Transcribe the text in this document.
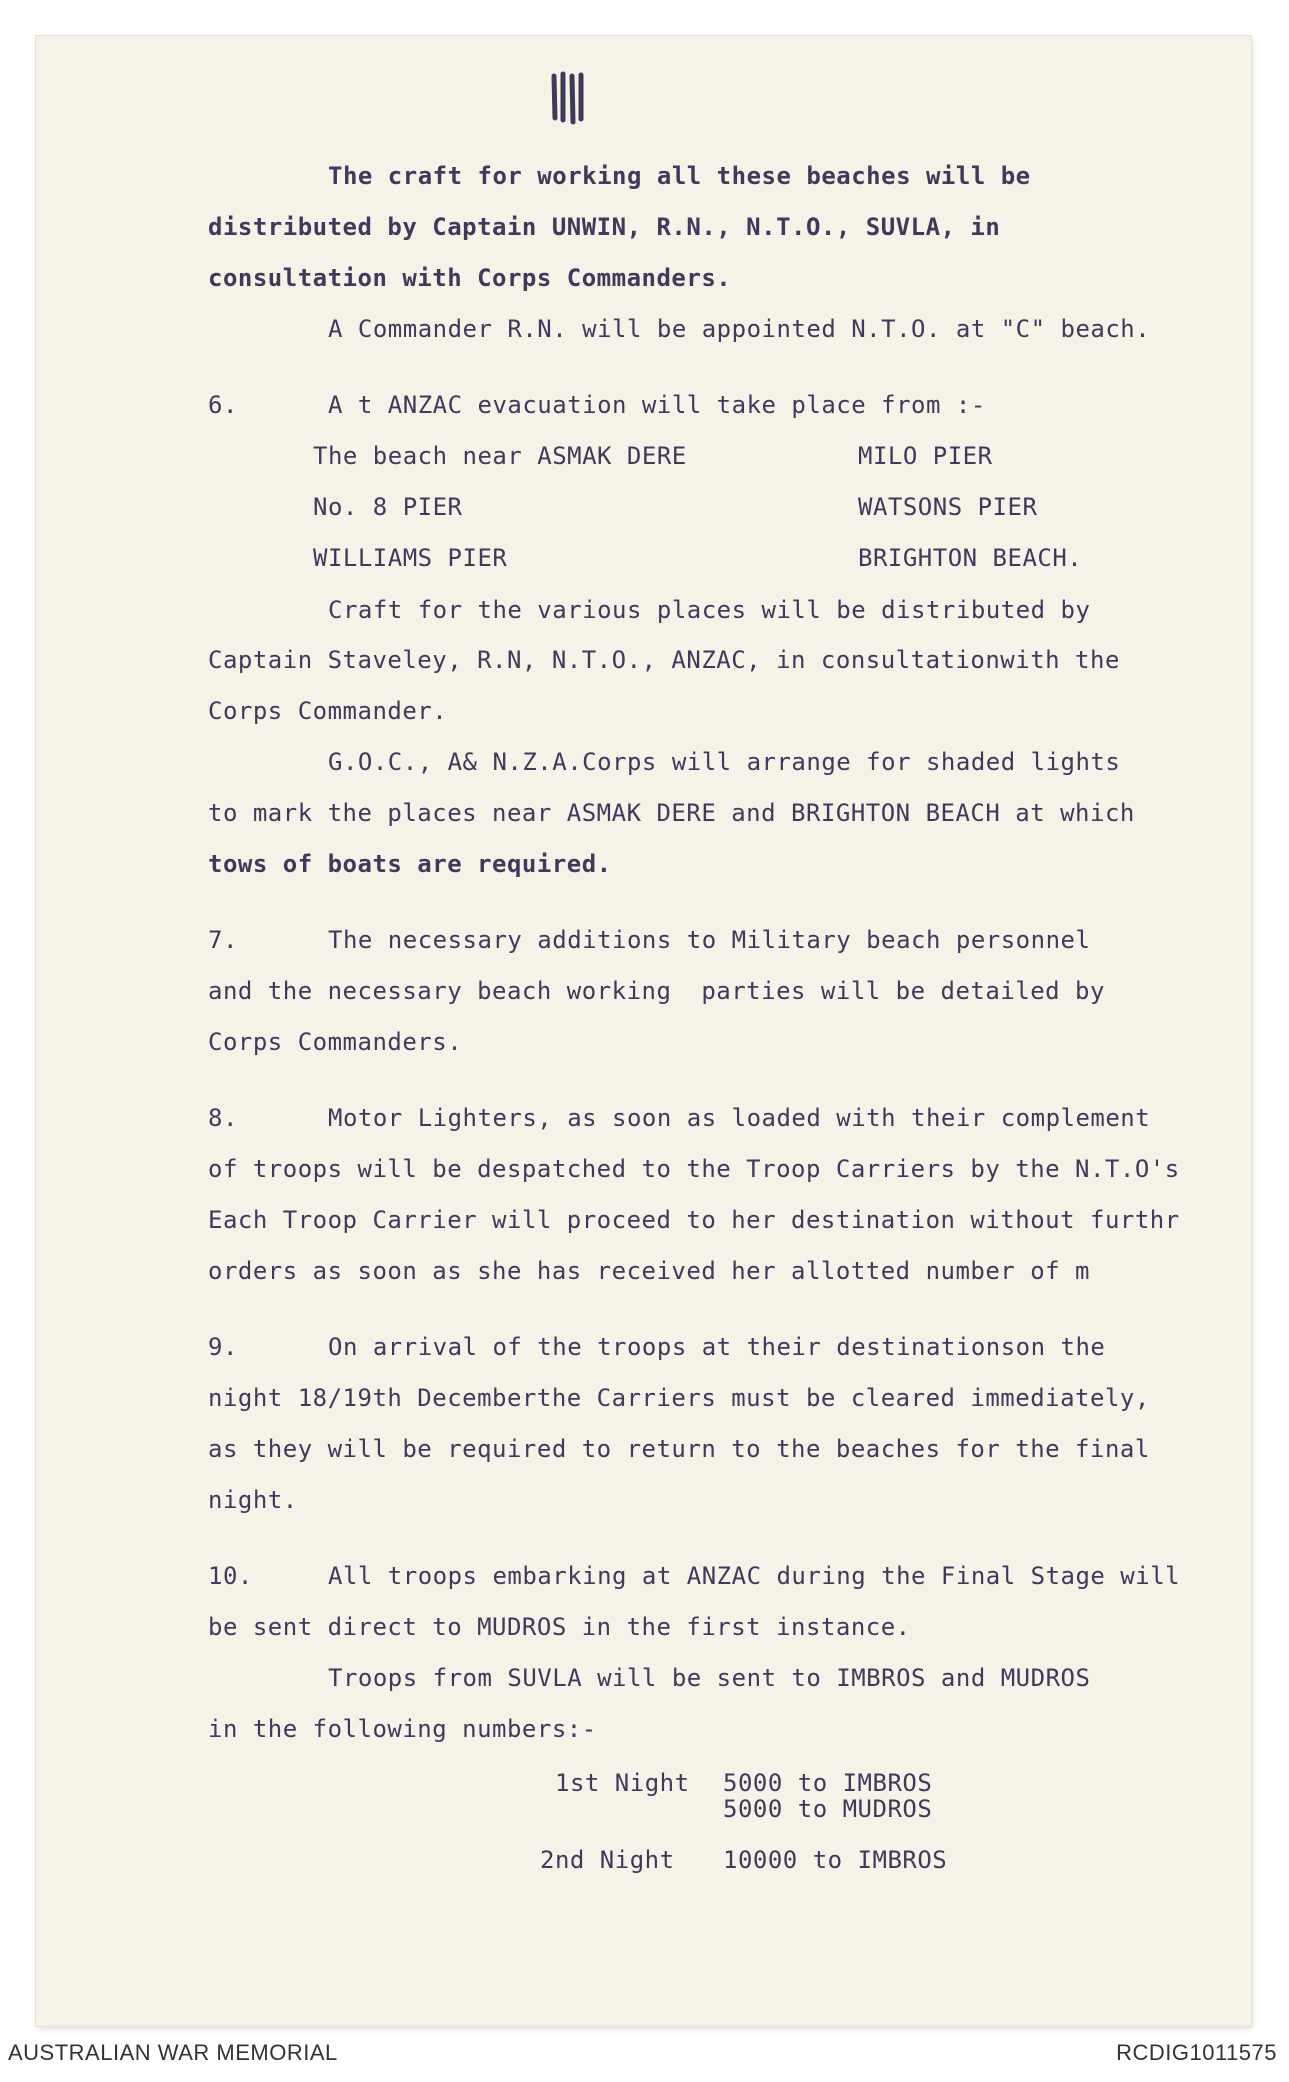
The craft for working all these beaches will be
distributed by Captain UNWIN, R.N., N.T.O., SUVLA, in
consultation with Corps Commanders.
A Commander R.N. will be appointed N.T.O. at "C" beach.
6.	A t ANZAC evacuation will take place from :-
The beach near ASMAK DERE	MILO PIER
No. 8 PIER	WATSONS PIER
WILLIAMS PIER	BRIGHTON BEACH.
Craft for the various places will be distributed by
Captain Staveley, R.N, N.T.O., ANZAC, in consultationwith the
Corps Commander.
G.O.C., A& N.Z.A.Corps will arrange for shaded lights
to mark the places near ASMAK DERE and BRIGHTON BEACH at which
tows of boats are required.
7.	The necessary additions to Military beach personnel
and the necessary beach working  parties will be detailed by
Corps Commanders.
8.	Motor Lighters, as soon as loaded with their complement
of troops will be despatched to the Troop Carriers by the N.T.O's
Each Troop Carrier will proceed to her destination without furthr
orders as soon as she has received her allotted number of m
9.	On arrival of the troops at their destinationson the
night 18/19th Decemberthe Carriers must be cleared immediately,
as they will be required to return to the beaches for the final
night.
10.	All troops embarking at ANZAC during the Final Stage will
be sent direct to MUDROS in the first instance.
Troops from SUVLA will be sent to IMBROS and MUDROS
in the following numbers:-
1st Night 5000 to IMBROS
5000 to MUDROS
2nd Night 10000 to IMBROS
AUSTRALIAN WAR MEMORIAL	RCDIG1011575
